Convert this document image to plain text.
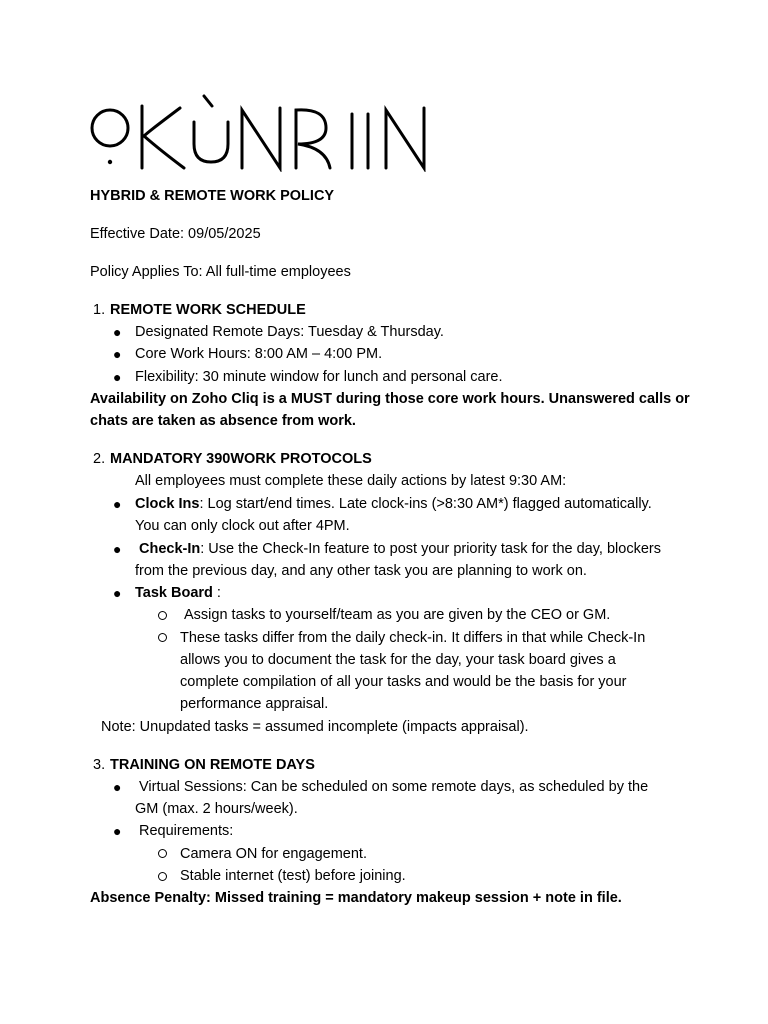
HYBRID & REMOTE WORK POLICY
Effective Date: 09/05/2025
Policy Applies To: All full-time employees
1. REMOTE WORK SCHEDULE
● Designated Remote Days: Tuesday & Thursday.
● Core Work Hours: 8:00 AM – 4:00 PM.
● Flexibility: 30 minute window for lunch and personal care.
Availability on Zoho Cliq is a MUST during those core work hours. Unanswered calls or
chats are taken as absence from work.
2. MANDATORY 390WORK PROTOCOLS
All employees must complete these daily actions by latest 9:30 AM:
● Clock Ins: Log start/end times. Late clock-ins (>8:30 AM*) flagged automatically.
You can only clock out after 4PM.
● Check-In: Use the Check-In feature to post your priority task for the day, blockers
from the previous day, and any other task you are planning to work on.
● Task Board :
Assign tasks to yourself/team as you are given by the CEO or GM.
These tasks differ from the daily check-in. It differs in that while Check-In
allows you to document the task for the day, your task board gives a
complete compilation of all your tasks and would be the basis for your
performance appraisal.
Note: Unupdated tasks = assumed incomplete (impacts appraisal).
3. TRAINING ON REMOTE DAYS
● Virtual Sessions: Can be scheduled on some remote days, as scheduled by the
GM (max. 2 hours/week).
● Requirements:
Camera ON for engagement.
Stable internet (test) before joining.
Absence Penalty: Missed training = mandatory makeup session + note in file.
